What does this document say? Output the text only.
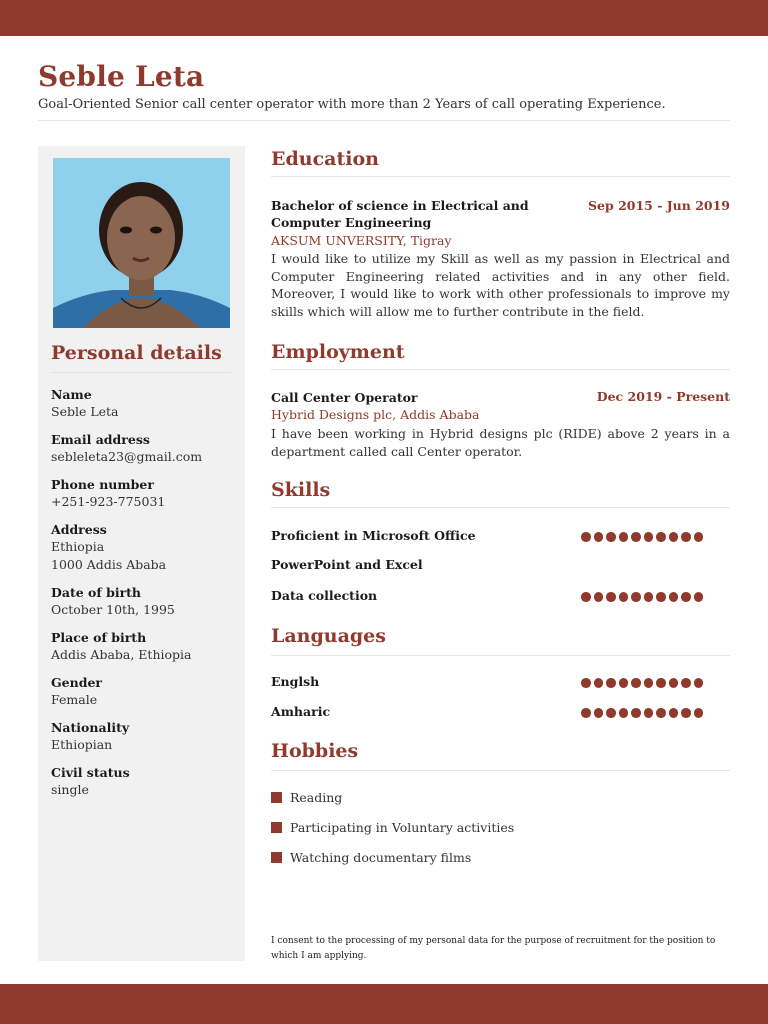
Seble Leta
Goal-Oriented Senior call center operator with more than 2 Years of call operating Experience.
Personal details
Name
Seble Leta
Email address
sebleleta23@gmail.com
Phone number
+251-923-775031
Address
Ethiopia
1000 Addis Ababa
Date of birth
October 10th, 1995
Place of birth
Addis Ababa, Ethiopia
Gender
Female
Nationality
Ethiopian
Civil status
single
Education
Bachelor of science in Electrical and
Computer Engineering
Sep 2015 - Jun 2019
AKSUM UNVERSITY, Tigray
I would like to utilize my Skill as well as my passion in Electrical and Computer Engineering related activities and in any other field. Moreover, I would like to work with other professionals to improve my skills which will allow me to further contribute in the field.
Employment
Call Center Operator	Dec 2019 - Present
Hybrid Designs plc, Addis Ababa
I have been working in Hybrid designs plc (RIDE) above 2 years in a department called call Center operator.
Skills
Proficient in Microsoft Office
PowerPoint and Excel
Data collection
Languages
Englsh
Amharic
Hobbies
Reading
Participating in Voluntary activities
Watching documentary films
I consent to the processing of my personal data for the purpose of recruitment for the position to which I am applying.
